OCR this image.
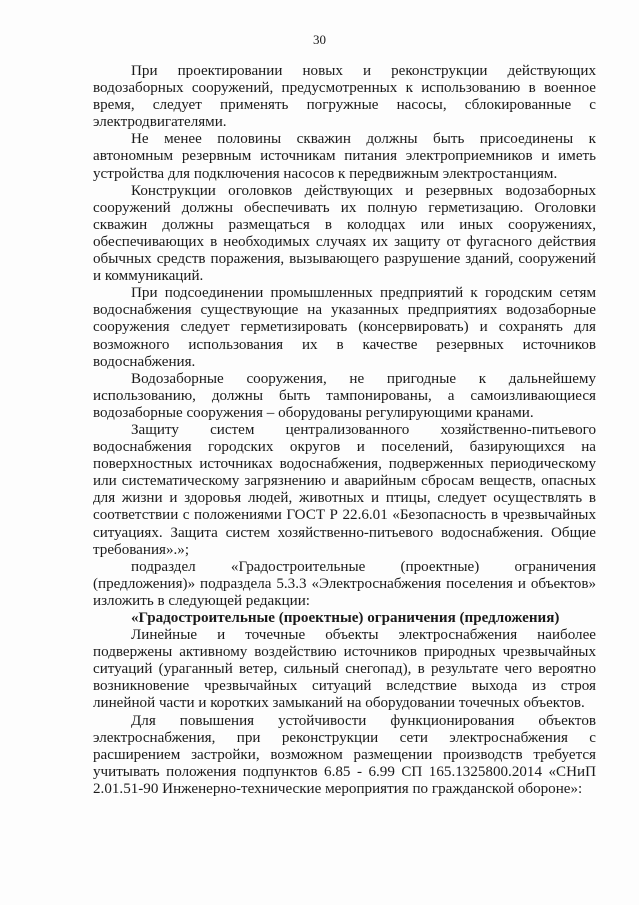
30

При проектировании новых и реконструкции действующих водозаборных сооружений, предусмотренных к использованию в военное время, следует применять погружные насосы, сблокированные с электродвигателями.

Не менее половины скважин должны быть присоединены к автономным резервным источникам питания электроприемников и иметь устройства для подключения насосов к передвижным электростанциям.

Конструкции оголовков действующих и резервных водозаборных сооружений должны обеспечивать их полную герметизацию. Оголовки скважин должны размещаться в колодцах или иных сооружениях, обеспечивающих в необходимых случаях их защиту от фугасного действия обычных средств поражения, вызывающего разрушение зданий, сооружений и коммуникаций.

При подсоединении промышленных предприятий к городским сетям водоснабжения существующие на указанных предприятиях водозаборные сооружения следует герметизировать (консервировать) и сохранять для возможного использования их в качестве резервных источников водоснабжения.

Водозаборные сооружения, не пригодные к дальнейшему использованию, должны быть тампонированы, а самоизливающиеся водозаборные сооружения – оборудованы регулирующими кранами.

Защиту систем централизованного хозяйственно-питьевого водоснабжения городских округов и поселений, базирующихся на поверхностных источниках водоснабжения, подверженных периодическому или систематическому загрязнению и аварийным сбросам веществ, опасных для жизни и здоровья людей, животных и птицы, следует осуществлять в соответствии с положениями ГОСТ Р 22.6.01 «Безопасность в чрезвычайных ситуациях. Защита систем хозяйственно-питьевого водоснабжения. Общие требования».»;

подраздел «Градостроительные (проектные) ограничения (предложения)» подраздела 5.3.3 «Электроснабжения поселения и объектов» изложить в следующей редакции:

«Градостроительные (проектные) ограничения (предложения)

Линейные и точечные объекты электроснабжения наиболее подвержены активному воздействию источников природных чрезвычайных ситуаций (ураганный ветер, сильный снегопад), в результате чего вероятно возникновение чрезвычайных ситуаций вследствие выхода из строя линейной части и коротких замыканий на оборудовании точечных объектов.

Для повышения устойчивости функционирования объектов электроснабжения, при реконструкции сети электроснабжения с расширением застройки, возможном размещении производств требуется учитывать положения подпунктов 6.85 - 6.99 СП 165.1325800.2014 «СНиП 2.01.51-90 Инженерно-технические мероприятия по гражданской обороне»:
